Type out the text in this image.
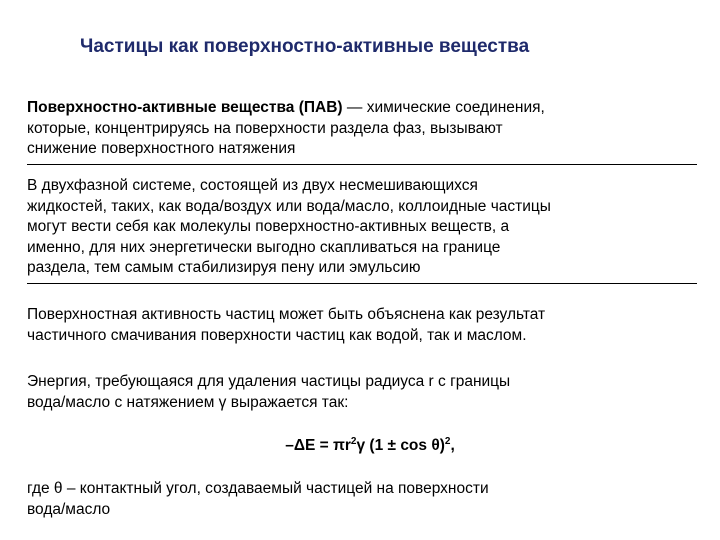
Частицы как поверхностно-активные вещества

Поверхностно-активные вещества (ПАВ) — химические соединения,

которые, концентрируясь на поверхности раздела фаз, вызывают

снижение поверхностного натяжения

В двухфазной системе, состоящей из двух несмешивающихся

жидкостей, таких, как вода/воздух или вода/масло, коллоидные частицы

могут вести себя как молекулы поверхностно-активных веществ, а

именно, для них энергетически выгодно скапливаться на границе

раздела, тем самым стабилизируя пену или эмульсию

Поверхностная активность частиц может быть объяснена как результат

частичного смачивания поверхности частиц как водой, так и маслом.

Энергия, требующаяся для удаления частицы радиуса r с границы

вода/масло с натяжением γ выражается так:

$-\Delta E = \pi r^2\gamma$ $(1 \pm \cos \theta)^2$,

где θ – контактный угол, создаваемый частицей на поверхности

вода/масло
